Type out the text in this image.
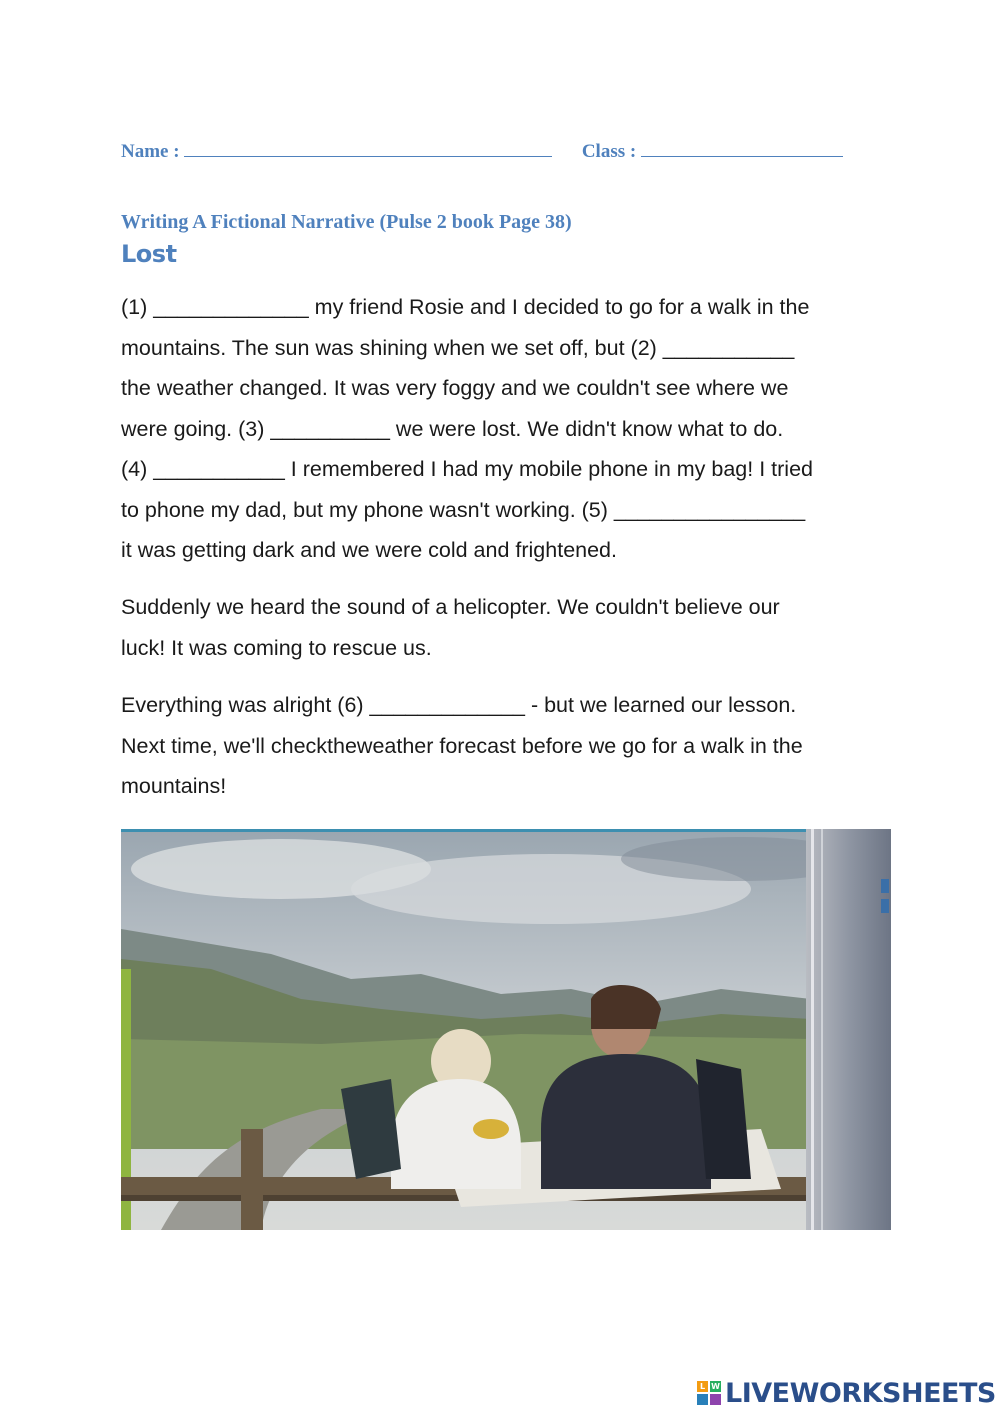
Name :	Class :
Writing A Fictional Narrative (Pulse 2 book Page 38)
Lost

(1) _____________ my friend Rosie and I decided to go for a walk in the
mountains. The sun was shining when we set off, but (2) ___________
the weather changed. It was very foggy and we couldn't see where we
were going. (3) __________ we were lost. We didn't know what to do.
(4) ___________ I remembered I had my mobile phone in my bag! I tried
to phone my dad, but my phone wasn't working. (5) ________________
it was getting dark and we were cold and frightened.

Suddenly we heard the sound of a helicopter. We couldn't believe our
luck! It was coming to rescue us.

Everything was alright (6) _____________ - but we learned our lesson.
Next time, we'll checktheweather forecast before we go for a walk in the
mountains!

L W LIVEWORKSHEETS
